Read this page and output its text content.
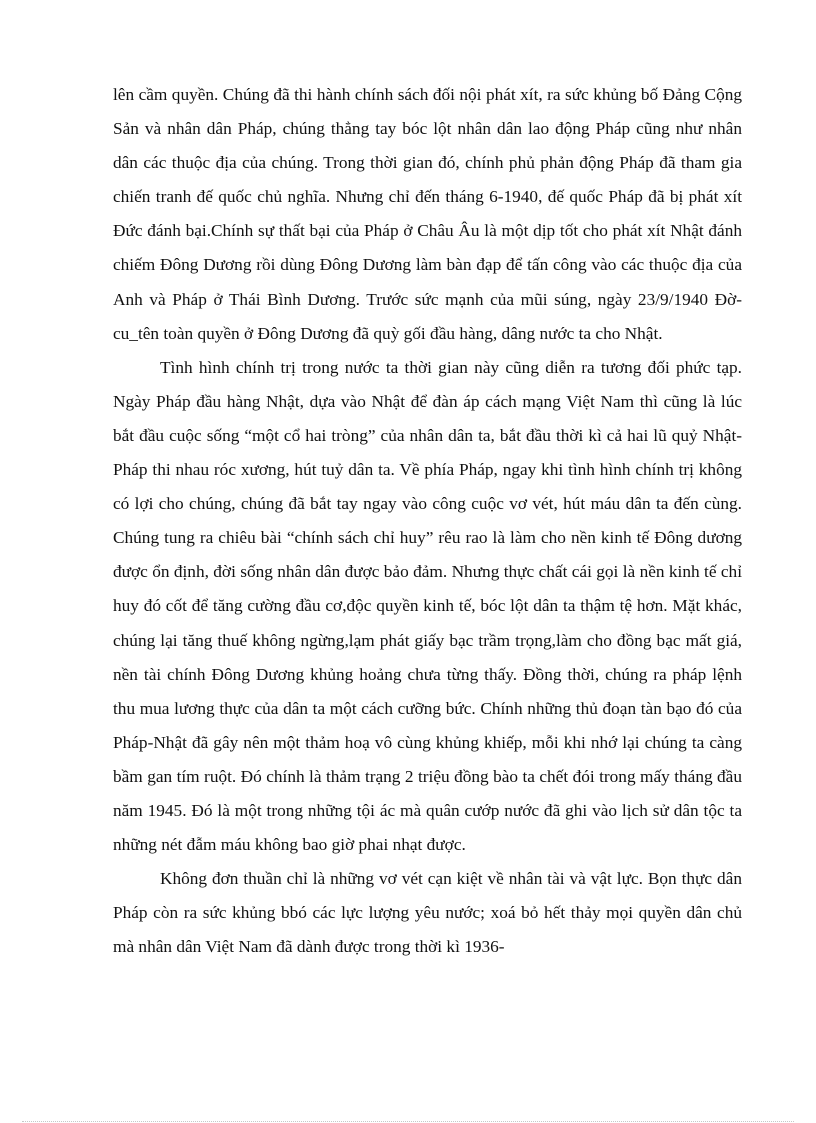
lên cầm quyền. Chúng đã thi hành chính sách đối nội phát xít, ra sức khủng bố Đảng Cộng Sản và nhân dân Pháp, chúng thẳng tay bóc lột nhân dân lao động Pháp cũng như nhân dân các thuộc địa của chúng. Trong thời gian đó, chính phủ phản động Pháp đã tham gia chiến tranh đế quốc chủ nghĩa. Nhưng chỉ đến tháng 6-1940, đế quốc Pháp đã bị phát xít Đức đánh bại.Chính sự thất bại của Pháp ở Châu Âu là một dịp tốt cho phát xít Nhật đánh chiếm Đông Dương rồi dùng Đông Dương làm bàn đạp để tấn công vào các thuộc địa của Anh và Pháp ở Thái Bình Dương. Trước sức mạnh của mũi súng, ngày 23/9/1940 Đờ-cu_tên toàn quyền ở Đông Dương đã quỳ gối đầu hàng, dâng nước ta cho Nhật.

Tình hình chính trị trong nước ta thời gian này cũng diễn ra tương đối phức tạp. Ngày Pháp đầu hàng Nhật, dựa vào Nhật để đàn áp cách mạng Việt Nam thì cũng là lúc bắt đầu cuộc sống “một cổ hai tròng” của nhân dân ta, bắt đầu thời kì cả hai lũ quỷ Nhật-Pháp thi nhau róc xương, hút tuỷ dân ta. Về phía Pháp, ngay khi tình hình chính trị không có lợi cho chúng, chúng đã bắt tay ngay vào công cuộc vơ vét, hút máu dân ta đến cùng. Chúng tung ra chiêu bài “chính sách chỉ huy” rêu rao là làm cho nền kinh tế Đông dương được ổn định, đời sống nhân dân được bảo đảm. Nhưng thực chất cái gọi là nền kinh tế chỉ huy đó cốt để tăng cường đầu cơ,độc quyền kinh tế, bóc lột dân ta thậm tệ hơn. Mặt khác, chúng lại tăng thuế không ngừng,lạm phát giấy bạc trầm trọng,làm cho đồng bạc mất giá, nền tài chính Đông Dương khủng hoảng chưa từng thấy. Đồng thời, chúng ra pháp lệnh thu mua lương thực của dân ta một cách cưỡng bức. Chính những thủ đoạn tàn bạo đó của Pháp-Nhật đã gây nên một thảm hoạ vô cùng khủng khiếp, mỗi khi nhớ lại chúng ta càng bầm gan tím ruột. Đó chính là thảm trạng 2 triệu đồng bào ta chết đói trong mấy tháng đầu năm 1945. Đó là một trong những tội ác mà quân cướp nước đã ghi vào lịch sử dân tộc ta những nét đẫm máu không bao giờ phai nhạt được.

Không đơn thuần chỉ là những vơ vét cạn kiệt về nhân tài và vật lực. Bọn thực dân Pháp còn ra sức khủng bbó các lực lượng yêu nước; xoá bỏ hết thảy mọi quyền dân chủ mà nhân dân Việt Nam đã dành được trong thời kì 1936-
